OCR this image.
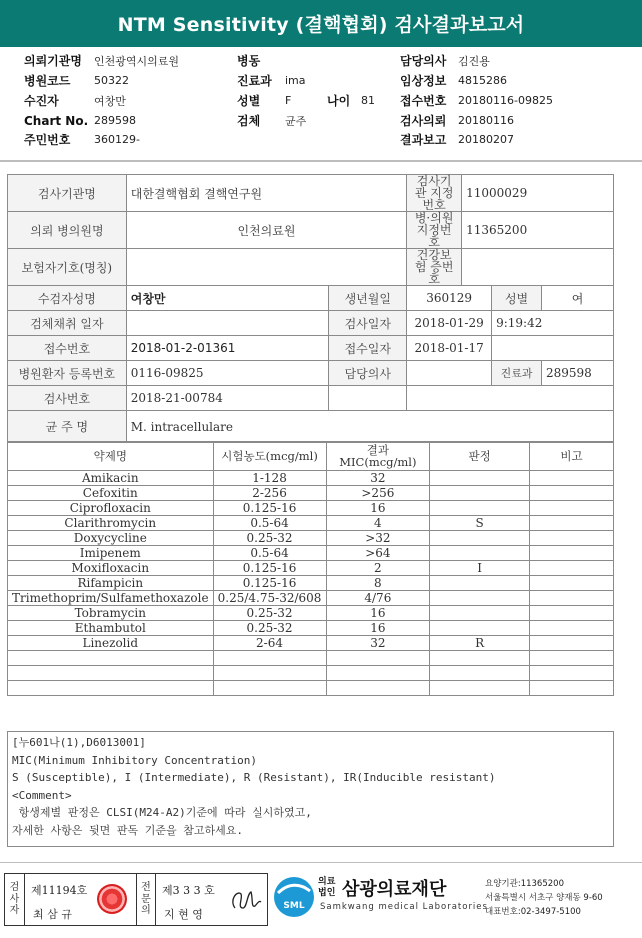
NTM Sensitivity (결핵협회) 검사결과보고서
의뢰기관명	인천광역시의료원
병원코드	50322
수진자	여창만
Chart No. 289598
주민번호	360129-
병동
진료과	ima
성별	F	나이 81
검체	균주
담당의사	김진용
임상정보	4815286
접수번호	20180116-09825
검사의뢰	20180116
결과보고	20180207
검사기관명	대한결핵협회 결핵연구원		검사기관 지정번호	11000029		
의뢰 병의원명	인천의료원		병·의원 지정번호	11365200		
보험자기호(명칭)			건강보험 증번호			
수검자성명	여창만	생년월일	360129		성별	여
검체채취 일자		검사일자	2018-01-29		9:19:42	
접수번호	2018-01-2-01361	접수일자	2018-01-17			
병원환자 등록번호	0116-09825	담당의사			진료과	289598
검사번호	2018-21-00784					
균 주 명	M. intracellulare					
약제명	시험농도(mcg/ml)	결과 MIC(mcg/ml)	판정	비고
Amikacin	1-128	32		
Cefoxitin	2-256	>256		
Ciprofloxacin	0.125-16	16		
Clarithromycin	0.5-64	4	S	
Doxycycline	0.25-32	>32		
Imipenem	0.5-64	>64		
Moxifloxacin	0.125-16	2	I	
Rifampicin	0.125-16	8		
Trimethoprim/Sulfamethoxazole	0.25/4.75-32/608	4/76		
Tobramycin	0.25-32	16		
Ethambutol	0.25-32	16		
Linezolid	2-64	32	R	

[누601나(1),D6013001]
MIC(Minimum Inhibitory Concentration)
S (Susceptible), I (Intermediate), R (Resistant), IR(Inducible resistant)
<Comment>
항생제별 판정은 CLSI(M24-A2)기준에 따라 실시하였고,
자세한 사항은 뒷면 판독 기준을 참고하세요.
검
사
자
제11194호
최 삼 규
전
문
의
제3 3 3 호
지 현 영
SML
의료
법인 삼광의료재단
Samkwang medical Laboratories
요양기관:11365200
서울특별시 서초구 양재동 9-60
대표번호:02-3497-5100
